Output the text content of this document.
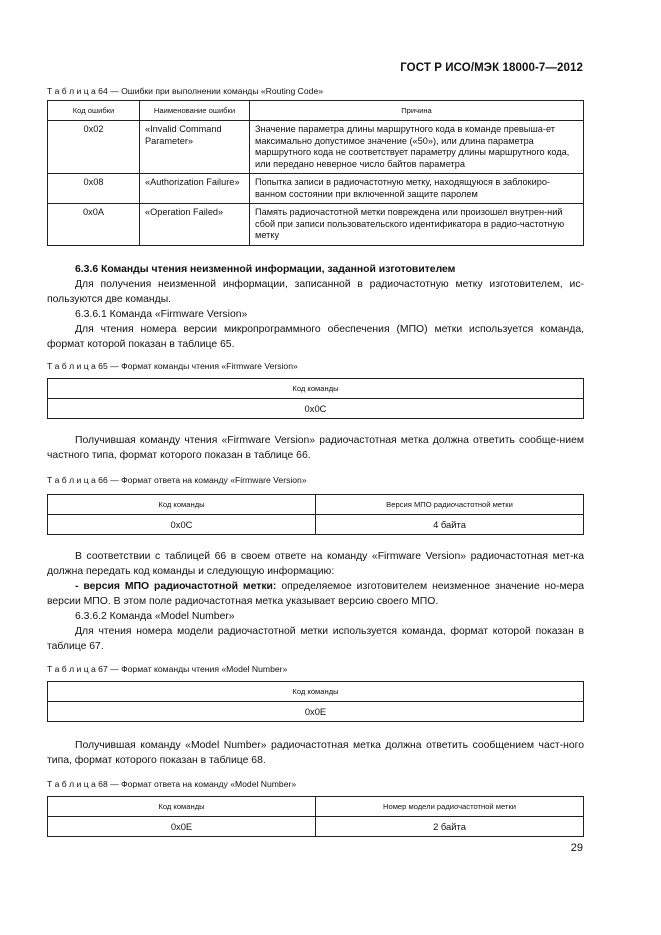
ГОСТ Р ИСО/МЭК 18000-7—2012
Т а б л и ц а 64 — Ошибки при выполнении команды «Routing Code»
Код ошибки	Наименование ошибки	Причина
0x02	«Invalid Command Parameter»	Значение параметра длины маршрутного кода в команде превыша-ет максимально допустимое значение («50»), или длина параметра маршрутного кода не соответствует параметру длины маршрутного кода, или передано неверное число байтов параметра
0x08	«Authorization Failure»	Попытка записи в радиочастотную метку, находящуюся в заблокиро-ванном состоянии при включенной защите паролем
0x0A	«Operation Failed»	Память радиочастотной метки повреждена или произошел внутрен-ний сбой при записи пользовательского идентификатора в радио-частотную метку
6.3.6 Команды чтения неизменной информации, заданной изготовителем
Для получения неизменной информации, записанной в радиочастотную метку изготовителем, ис-пользуются две команды.
6.3.6.1 Команда «Firmware Version»
Для чтения номера версии микропрограммного обеспечения (МПО) метки используется команда, формат которой показан в таблице 65.
Т а б л и ц а 65 — Формат команды чтения «Firmware Version»
Код команды
0x0C
Получившая команду чтения «Firmware Version» радиочастотная метка должна ответить сообще-нием частного типа, формат которого показан в таблице 66.
Т а б л и ц а 66 — Формат ответа на команду «Firmware Version»
Код команды	Версия МПО радиочастотной метки
0x0C	4 байта
В соответствии с таблицей 66 в своем ответе на команду «Firmware Version» радиочастотная мет-ка должна передать код команды и следующую информацию:
- версия МПО радиочастотной метки: определяемое изготовителем неизменное значение но-мера версии МПО. В этом поле радиочастотная метка указывает версию своего МПО.
6.3.6.2 Команда «Model Number»
Для чтения номера модели радиочастотной метки используется команда, формат которой показан в таблице 67.
Т а б л и ц а 67 — Формат команды чтения «Model Number»
Код команды
0x0E
Получившая команду «Model Number» радиочастотная метка должна ответить сообщением част-ного типа, формат которого показан в таблице 68.
Т а б л и ц а 68 — Формат ответа на команду «Model Number»
Код команды	Номер модели радиочастотной метки
0x0E	2 байта
29
